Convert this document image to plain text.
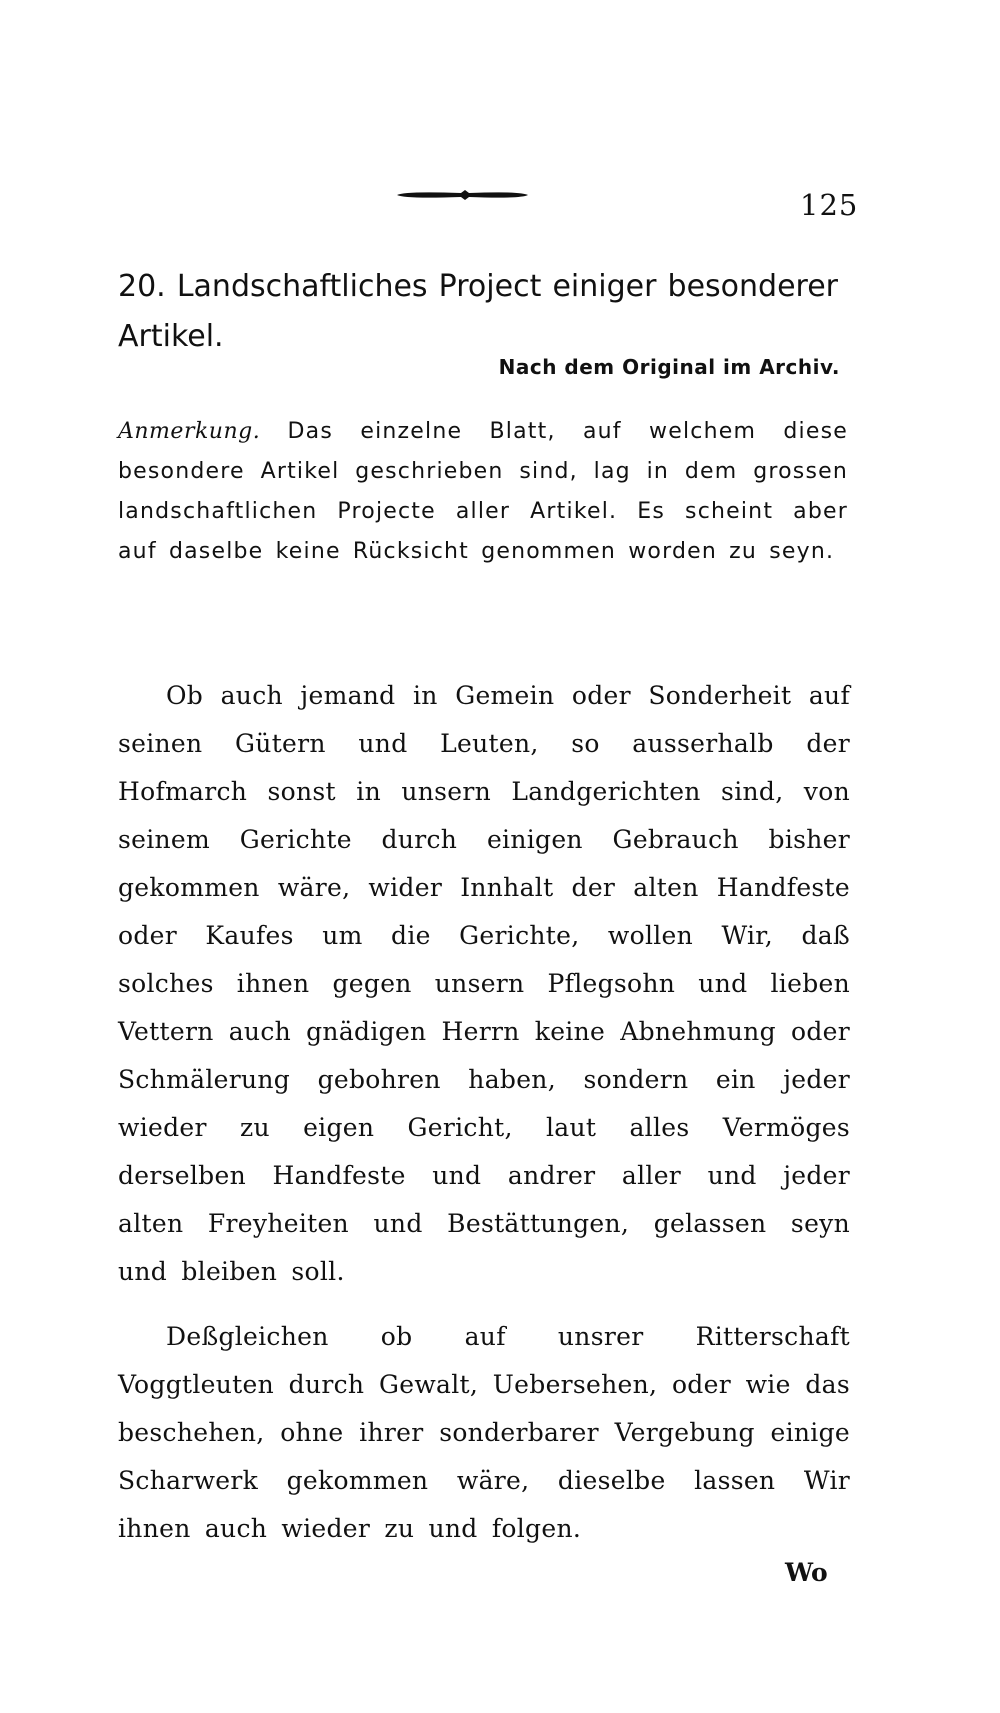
125
20. Landschaftliches Project einiger besonderer Artikel.
Nach dem Original im Archiv.
Anmerkung. Das einzelne Blatt, auf welchem diese besondere Artikel geschrieben sind, lag in dem grossen landschaftlichen Projecte aller Artikel. Es scheint aber auf daselbe keine Rücksicht genommen worden zu seyn.
Ob auch jemand in Gemein oder Sonderheit auf seinen Gütern und Leuten, so ausserhalb der Hofmarch sonst in unsern Landgerichten sind, von seinem Gerichte durch einigen Gebrauch bisher gekommen wäre, wider Innhalt der alten Handfeste oder Kaufes um die Gerichte, wollen Wir, daß solches ihnen gegen unsern Pflegsohn und lieben Vettern auch gnädigen Herrn keine Abnehmung oder Schmälerung gebohren haben, sondern ein jeder wieder zu eigen Gericht, laut alles Vermöges derselben Handfeste und andrer aller und jeder alten Freyheiten und Bestättungen, gelassen seyn und bleiben soll.
Deßgleichen ob auf unsrer Ritterschaft Voggtleuten durch Gewalt, Uebersehen, oder wie das beschehen, ohne ihrer sonderbarer Vergebung einige Scharwerk gekommen wäre, dieselbe lassen Wir ihnen auch wieder zu und folgen.
Wo
